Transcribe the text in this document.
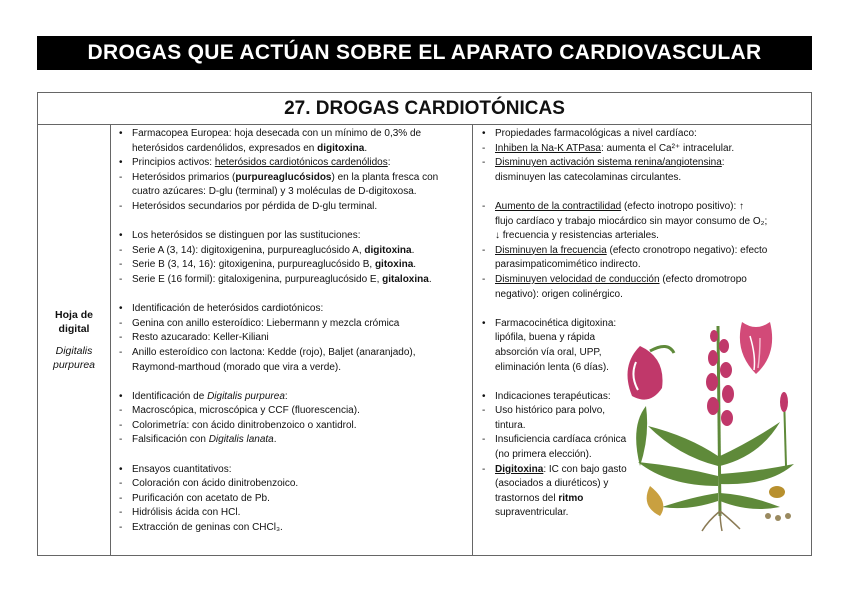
DROGAS QUE ACTÚAN SOBRE EL APARATO CARDIOVASCULAR
27. DROGAS CARDIOTÓNICAS
Hoja de digital
Digitalis purpurea
• Farmacopea Europea: hoja desecada con un mínimo de 0,3% de
heterósidos cardenólidos, expresados en digitoxina.
• Principios activos: heterósidos cardiotónicos cardenólidos:
- Heterósidos primarios (purpureaglucósidos) en la planta fresca con
cuatro azúcares: D-glu (terminal) y 3 moléculas de D-digitoxosa.
- Heterósidos secundarios por pérdida de D-glu terminal.
• Los heterósidos se distinguen por las sustituciones:
- Serie A (3, 14): digitoxigenina, purpureaglucósido A, digitoxina.
- Serie B (3, 14, 16): gitoxigenina, purpureaglucósido B, gitoxina.
- Serie E (16 formil): gitaloxigenina, purpureaglucósido E, gitaloxina.
• Identificación de heterósidos cardiotónicos:
- Genina con anillo esteroídico: Liebermann y mezcla crómica
- Resto azucarado: Keller-Kiliani
- Anillo esteroídico con lactona: Kedde (rojo), Baljet (anaranjado),
Raymond-marthoud (morado que vira a verde).
• Identificación de Digitalis purpurea:
- Macroscópica, microscópica y CCF (fluorescencia).
- Colorimetría: con ácido dinitrobenzoico o xantidrol.
- Falsificación con Digitalis lanata.
• Ensayos cuantitativos:
- Coloración con ácido dinitrobenzoico.
- Purificación con acetato de Pb.
- Hidrólisis ácida con HCl.
- Extracción de geninas con CHCl₃.
• Propiedades farmacológicas a nivel cardíaco:
- Inhiben la Na-K ATPasa: aumenta el Ca²⁺ intracelular.
- Disminuyen activación sistema renina/angiotensina:
disminuyen las catecolaminas circulantes.
- Aumento de la contractilidad (efecto inotropo positivo): ↑
flujo cardíaco y trabajo miocárdico sin mayor consumo de O₂;
↓ frecuencia y resistencias arteriales.
- Disminuyen la frecuencia (efecto cronotropo negativo): efecto
parasimpaticomimético indirecto.
- Disminuyen velocidad de conducción (efecto dromotropo
negativo): origen colinérgico.
• Farmacocinética digitoxina:
lipófila, buena y rápida
absorción vía oral, UPP,
eliminación lenta (6 días).
• Indicaciones terapéuticas:
- Uso histórico para polvo,
tintura.
- Insuficiencia cardíaca crónica
(no primera elección).
- Digitoxina: IC con bajo gasto
(asociados a diuréticos) y
trastornos del ritmo
supraventricular.
